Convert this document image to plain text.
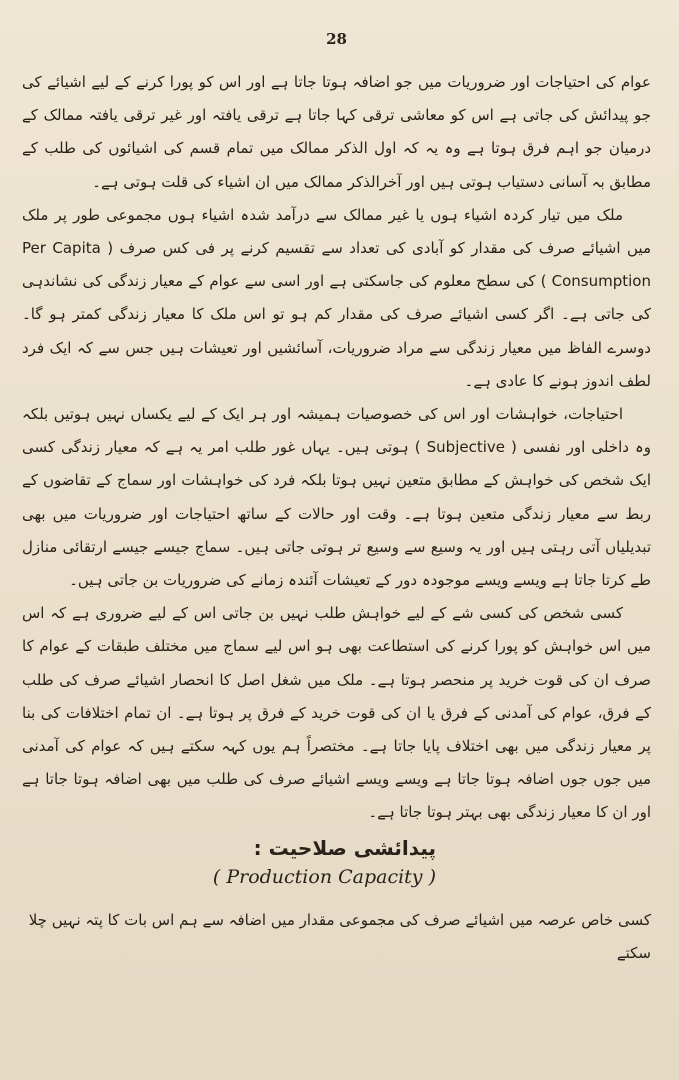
28

عوام کی احتیاجات اور ضروریات میں جو اضافہ ہوتا جاتا ہے اور اس کو پورا کرنے کے لیے اشیائے کی جو پیدائش کی جاتی ہے اس کو معاشی ترقی کہا جاتا ہے ترقی یافتہ اور غیر ترقی یافتہ ممالک کے درمیان جو اہم فرق ہوتا ہے وہ یہ کہ اول الذکر ممالک میں تمام قسم کی اشیائوں کی طلب کے مطابق بہ آسانی دستیاب ہوتی ہیں اور آخرالذکر ممالک میں ان اشیاء کی قلت ہوتی ہے۔

ملک میں تیار کردہ اشیاء ہوں یا غیر ممالک سے درآمد شدہ اشیاء ہوں مجموعی طور پر ملک میں اشیائے صرف کی مقدار کو آبادی کی تعداد سے تقسیم کرنے پر فی کس صرف ( Per Capita Consumption ) کی سطح معلوم کی جاسکتی ہے اور اسی سے عوام کے معیار زندگی کی نشاندہی کی جاتی ہے۔ اگر کسی اشیائے صرف کی مقدار کم ہو تو اس ملک کا معیار زندگی کمتر ہو گا۔ دوسرے الفاظ میں معیار زندگی سے مراد ضروریات، آسائشیں اور تعیشات ہیں جس سے کہ ایک فرد لطف اندوز ہونے کا عادی ہے۔

احتیاجات، خواہشات اور اس کی خصوصیات ہمیشہ اور ہر ایک کے لیے یکساں نہیں ہوتیں بلکہ وہ داخلی اور نفسی ( Subjective ) ہوتی ہیں۔ یہاں غور طلب امر یہ ہے کہ معیار زندگی کسی ایک شخص کی خواہش کے مطابق متعین نہیں ہوتا بلکہ فرد کی خواہشات اور سماج کے تقاضوں کے ربط سے معیار زندگی متعین ہوتا ہے۔ وقت اور حالات کے ساتھ احتیاجات اور ضروریات میں بھی تبدیلیاں آتی رہتی ہیں اور یہ وسیع سے وسیع تر ہوتی جاتی ہیں۔ سماج جیسے جیسے ارتقائی منازل طے کرتا جاتا ہے ویسے ویسے موجودہ دور کے تعیشات آئندہ زمانے کی ضروریات بن جاتی ہیں۔

کسی شخص کی کسی شے کے لیے خواہش طلب نہیں بن جاتی اس کے لیے ضروری ہے کہ اس میں اس خواہش کو پورا کرنے کی استطاعت بھی ہو اس لیے سماج میں مختلف طبقات کے عوام کا صرف ان کی قوت خرید پر منحصر ہوتا ہے۔ ملک میں شغل اصل کا انحصار اشیائے صرف کی طلب کے فرق، عوام کی آمدنی کے فرق یا ان کی قوت خرید کے فرق پر ہوتا ہے۔ ان تمام اختلافات کی بنا پر معیار زندگی میں بھی اختلاف پایا جاتا ہے۔ مختصراً ہم یوں کہہ سکتے ہیں کہ عوام کی آمدنی میں جوں جوں اضافہ ہوتا جاتا ہے ویسے ویسے اشیائے صرف کی طلب میں بھی اضافہ ہوتا جاتا ہے اور ان کا معیار زندگی بھی بہتر ہوتا جاتا ہے۔

پیدائشی صلاحیت :
( Production Capacity )
کسی خاص عرصہ میں اشیائے صرف کی مجموعی مقدار میں اضافہ سے ہم اس بات کا پتہ نہیں چلا سکتے
